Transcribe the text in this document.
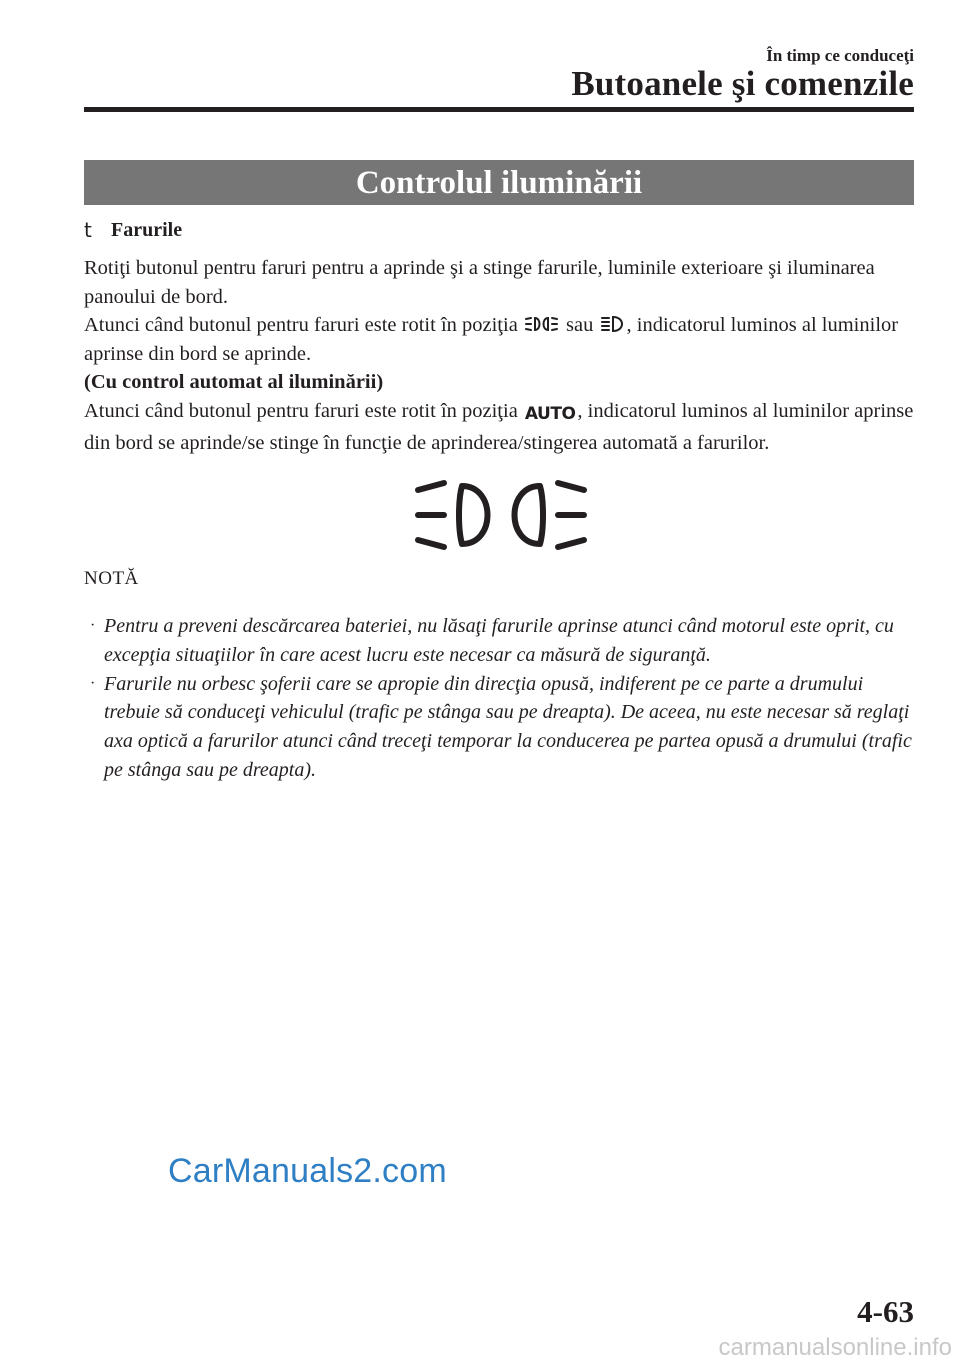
În timp ce conduceţi
Butoanele şi comenzile
Controlul iluminării
t Farurile

Rotiţi butonul pentru faruri pentru a aprinde şi a stinge farurile, luminile exterioare şi iluminarea panoului de bord.

Atunci când butonul pentru faruri este rotit în poziţia sau , indicatorul luminos al luminilor aprinse din bord se aprinde.

(Cu control automat al iluminării)

Atunci când butonul pentru faruri este rotit în poziţia AUTO, indicatorul luminos al luminilor aprinse din bord se aprinde/se stinge în funcţie de aprinderea/stingerea automată a farurilor.

NOTĂ
· Pentru a preveni descărcarea bateriei, nu lăsaţi farurile aprinse atunci când motorul este oprit, cu excepţia situaţiilor în care acest lucru este necesar ca măsură de siguranţă.
· Farurile nu orbesc şoferii care se apropie din direcţia opusă, indiferent pe ce parte a drumului trebuie să conduceţi vehiculul (trafic pe stânga sau pe dreapta). De aceea, nu este necesar să reglaţi axa optică a farurilor atunci când treceţi temporar la conducerea pe partea opusă a drumului (trafic pe stânga sau pe dreapta).
CarManuals2.com
4-63
carmanualsonline.info
